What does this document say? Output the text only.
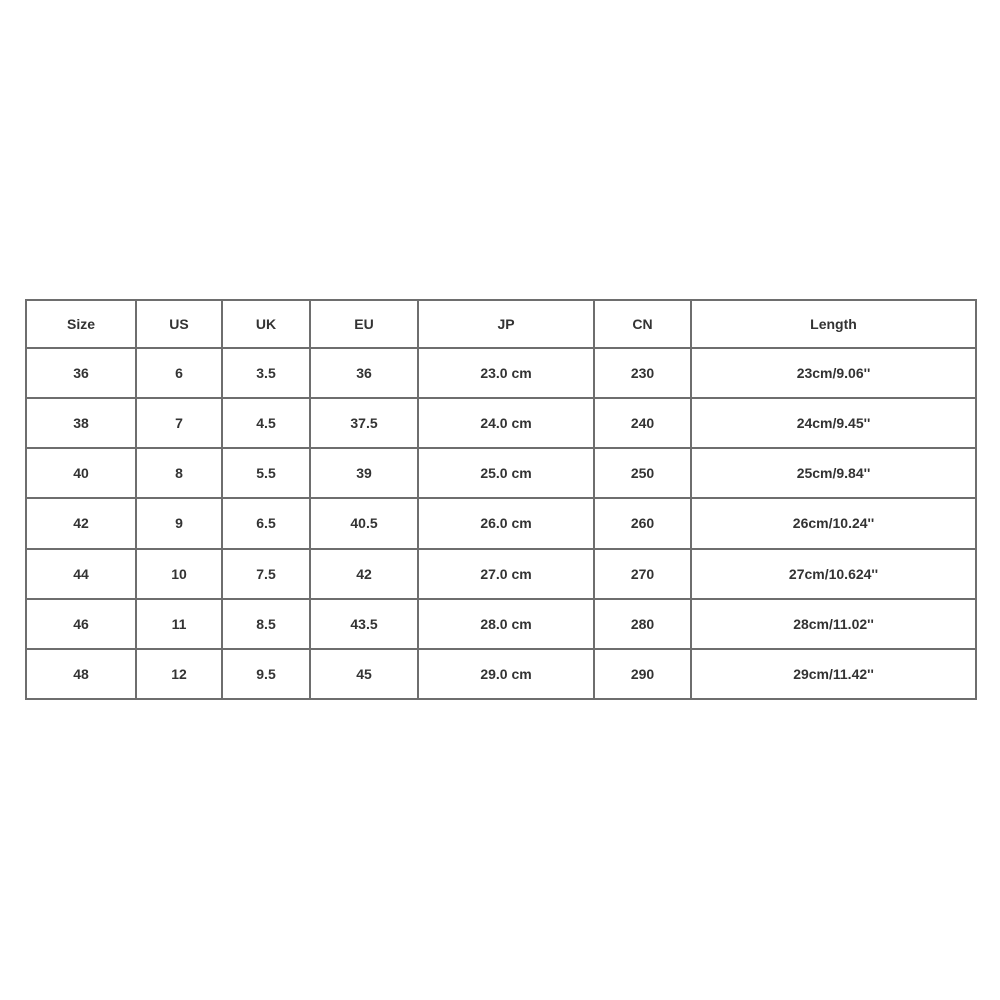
Size	US	UK	EU	JP	CN	Length
36	6	3.5	36	23.0 cm	230	23cm/9.06''
38	7	4.5	37.5	24.0 cm	240	24cm/9.45''
40	8	5.5	39	25.0 cm	250	25cm/9.84''
42	9	6.5	40.5	26.0 cm	260	26cm/10.24''
44	10	7.5	42	27.0 cm	270	27cm/10.624''
46	11	8.5	43.5	28.0 cm	280	28cm/11.02''
48	12	9.5	45	29.0 cm	290	29cm/11.42''
